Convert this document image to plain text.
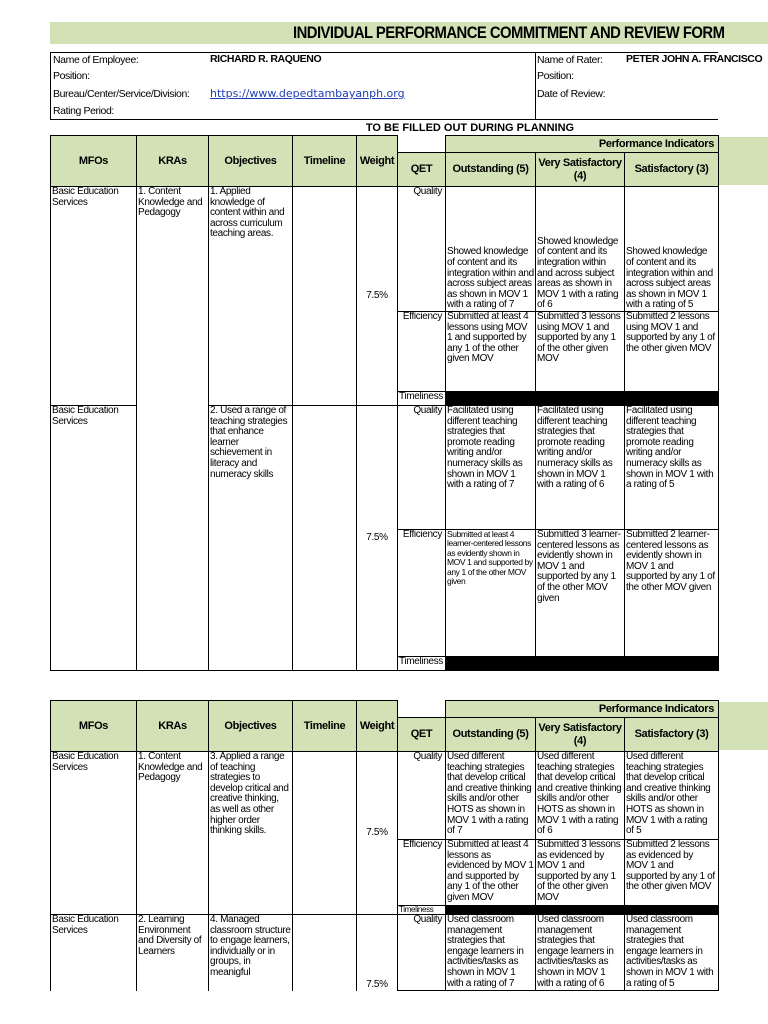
INDIVIDUAL PERFORMANCE COMMITMENT AND REVIEW FORM
Name of Employee:	RICHARD R. RAQUENO
Position:
Bureau/Center/Service/Division: https://www.depedtambayanph.org
Rating Period:
Name of Rater: PETER JOHN A. FRANCISCO
Position:
Date of Review:
TO BE FILLED OUT DURING PLANNING
MFOs	KRAs	Objectives	Timeline	Weight		Performance Indicators		
					QET	Outstanding (5)	Very Satisfactory (4)	Satisfactory (3)
Basic Education Services	1. Content Knowledge and Pedagogy	1. Applied knowledge of content within and across curriculum teaching areas.		7.5%	Quality	Showed knowledge of content and its integration within and across subject areas as shown in MOV 1 with a rating of 7	Showed knowledge of content and its integration within and across subject areas as shown in MOV 1 with a rating of 6	Showed knowledge of content and its integration within and across subject areas as shown in MOV 1 with a rating of 5
					Efficiency	Submitted at least 4 lessons using MOV 1 and supported by any 1 of the other given MOV	Submitted 3 lessons using MOV 1 and supported by any 1 of the other given MOV	Submitted 2 lessons using MOV 1 and supported by any 1 of the other given MOV
					Timeliness			
Basic Education Services		2. Used a range of teaching strategies that enhance learner schievement in literacy and numeracy skills		7.5%	Quality	Facilitated using different teaching strategies that promote reading writing and/or numeracy skills as shown in MOV 1 with a rating of 7	Facilitated using different teaching strategies that promote reading writing and/or numeracy skills as shown in MOV 1 with a rating of 6	Facilitated using different teaching strategies that promote reading writing and/or numeracy skills as shown in MOV 1 with a rating of 5
					Efficiency	Submitted at least 4 learner-centered lessons as evidently shown in MOV 1 and supported by any 1 of the other MOV given	Submitted 3 learner-centered lessons as evidently shown in MOV 1 and supported by any 1 of the other MOV given	Submitted 2 learner-centered lessons as evidently shown in MOV 1 and supported by any 1 of the other MOV given
					Timeliness			
MFOs	KRAs	Objectives	Timeline	Weight		Performance Indicators		
					QET	Outstanding (5)	Very Satisfactory (4)	Satisfactory (3)
Basic Education Services	1. Content Knowledge and Pedagogy	3. Applied a range of teaching strategies to develop critical and creative thinking, as well as other higher order thinking skills.		7.5%	Quality	Used different teaching strategies that develop critical and creative thinking skills and/or other HOTS as shown in MOV 1 with a rating of 7	Used different teaching strategies that develop critical and creative thinking skills and/or other HOTS as shown in MOV 1 with a rating of 6	Used different teaching strategies that develop critical and creative thinking skills and/or other HOTS as shown in MOV 1 with a rating of 5
					Efficiency	Submitted at least 4 lessons as evidenced by MOV 1 and supported by any 1 of the other given MOV	Submitted 3 lessons as evidenced by MOV 1 and supported by any 1 of the other given MOV	Submitted 2 lessons as evidenced by MOV 1 and supported by any 1 of the other given MOV
					Timeliness			
Basic Education Services	2. Learning Environment and Diversity of Learners	4. Managed classroom structure to engage learners, individually or in groups, in meanigful		7.5%	Quality	Used classroom management strategies that engage learners in activities/tasks as shown in MOV 1 with a rating of 7	Used classroom management strategies that engage learners in activities/tasks as shown in MOV 1 with a rating of 6	Used classroom management strategies that engage learners in activities/tasks as shown in MOV 1 with a rating of 5
